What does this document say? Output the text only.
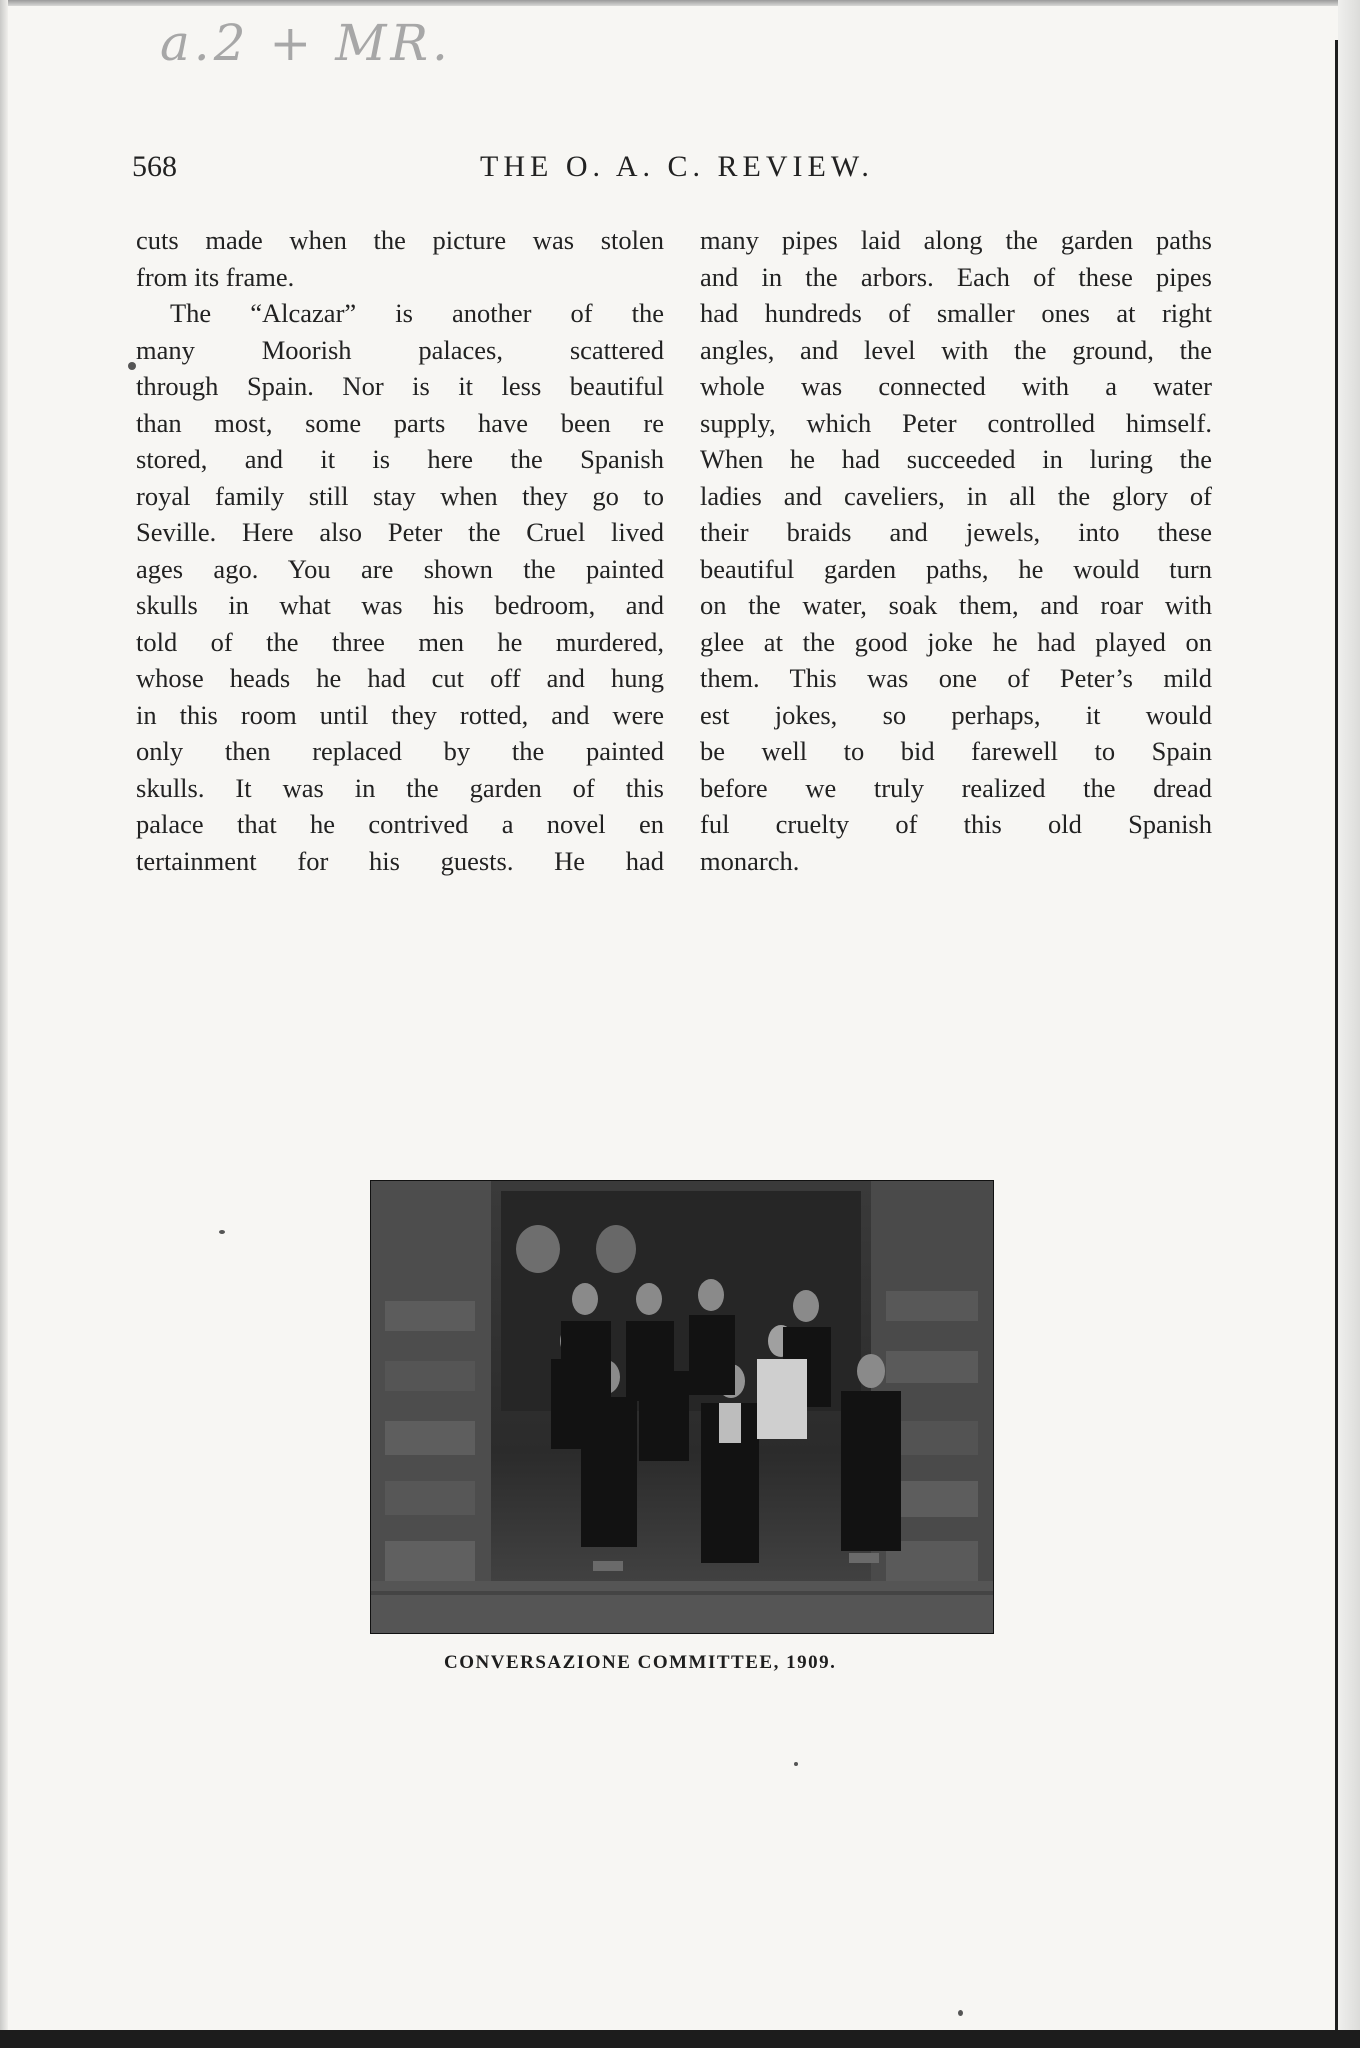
a.2 + MR.
568	THE O. A. C. REVIEW.
cuts made when the picture was stolen
from its frame.
The “Alcazar” is another of the
many Moorish palaces, scattered
through Spain. Nor is it less beautiful
than most, some parts have been re
stored, and it is here the Spanish
royal family still stay when they go to
Seville. Here also Peter the Cruel lived
ages ago. You are shown the painted
skulls in what was his bedroom, and
told of the three men he murdered,
whose heads he had cut off and hung
in this room until they rotted, and were
only then replaced by the painted
skulls. It was in the garden of this
palace that he contrived a novel en
tertainment for his guests. He had
many pipes laid along the garden paths
and in the arbors. Each of these pipes
had hundreds of smaller ones at right
angles, and level with the ground, the
whole was connected with a water
supply, which Peter controlled himself.
When he had succeeded in luring the
ladies and caveliers, in all the glory of
their braids and jewels, into these
beautiful garden paths, he would turn
on the water, soak them, and roar with
glee at the good joke he had played on
them. This was one of Peter’s mild
est jokes, so perhaps, it would
be well to bid farewell to Spain
before we truly realized the dread
ful cruelty of this old Spanish
monarch.
CONVERSAZIONE COMMITTEE, 1909.
